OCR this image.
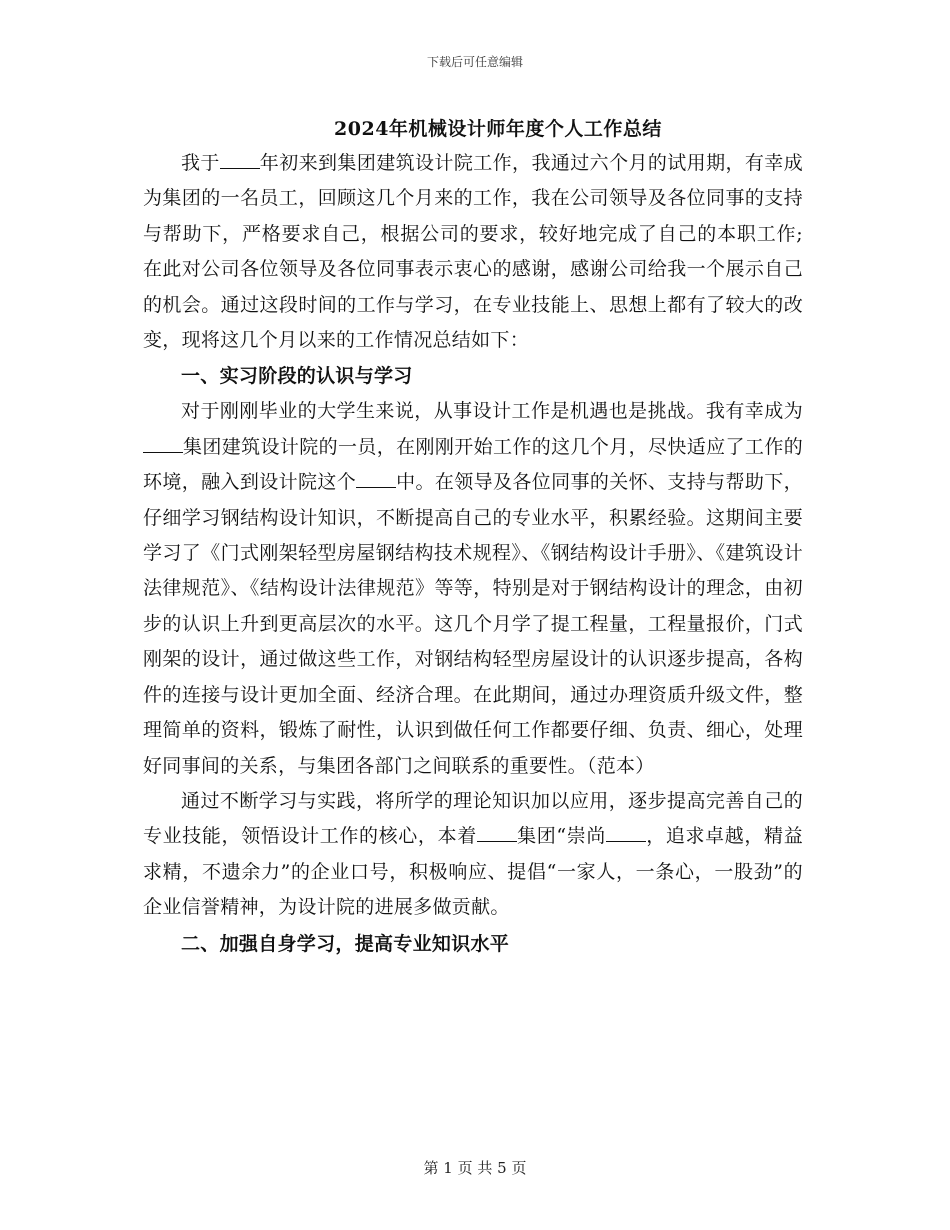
下载后可任意编辑
2024年机械设计师年度个人工作总结

我于 年初来到集团建筑设计院工作，我通过六个月的试用期，有幸成为集团的一名员工，回顾这几个月来的工作，我在公司领导及各位同事的支持与帮助下，严格要求自己，根据公司的要求，较好地完成了自己的本职工作;在此对公司各位领导及各位同事表示衷心的感谢，感谢公司给我一个展示自己的机会。通过这段时间的工作与学习，在专业技能上、思想上都有了较大的改变，现将这几个月以来的工作情况总结如下：

一、实习阶段的认识与学习

对于刚刚毕业的大学生来说，从事设计工作是机遇也是挑战。我有幸成为集团建筑设计院的一员，在刚刚开始工作的这几个月，尽快适应了工作的环境，融入到设计院这个 中。在领导及各位同事的关怀、支持与帮助下，仔细学习钢结构设计知识，不断提高自己的专业水平，积累经验。这期间主要学习了《门式刚架轻型房屋钢结构技术规程》、《钢结构设计手册》、《建筑设计法律规范》、《结构设计法律规范》等等，特别是对于钢结构设计的理念，由初步的认识上升到更高层次的水平。这几个月学了提工程量，工程量报价，门式刚架的设计，通过做这些工作，对钢结构轻型房屋设计的认识逐步提高，各构件的连接与设计更加全面、经济合理。在此期间，通过办理资质升级文件，整理简单的资料，锻炼了耐性，认识到做任何工作都要仔细、负责、细心，处理好同事间的关系，与集团各部门之间联系的重要性。（范本）

通过不断学习与实践，将所学的理论知识加以应用，逐步提高完善自己的专业技能，领悟设计工作的核心，本着 集团“崇尚 ，追求卓越，精益求精，不遗余力”的企业口号，积极响应、提倡“一家人，一条心，一股劲”的企业信誉精神，为设计院的进展多做贡献。

二、加强自身学习，提高专业知识水平
第 1 页 共 5 页
